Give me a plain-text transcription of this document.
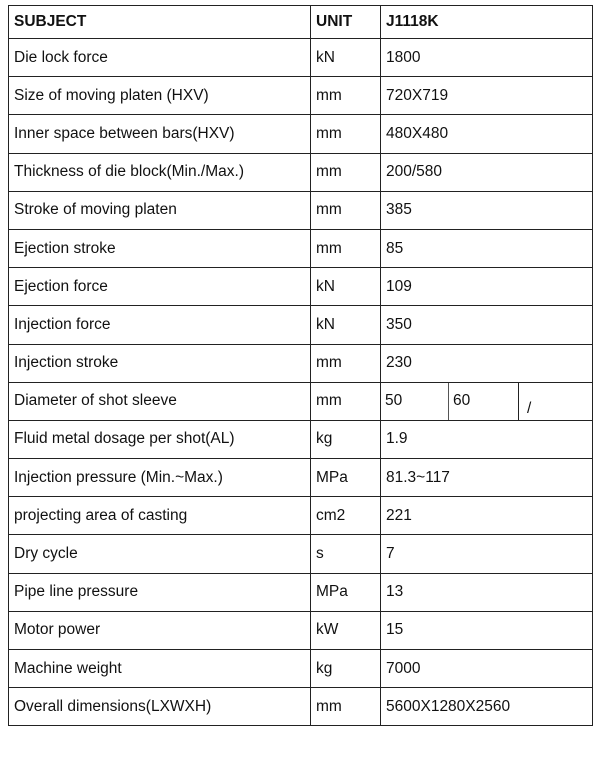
SUBJECT	UNIT	J1118K
Die lock force	kN	1800
Size of moving platen (HXV)	mm	720X719
Inner space between bars(HXV)	mm	480X480
Thickness of die block(Min./Max.)	mm	200/580
Stroke of moving platen	mm	385
Ejection stroke	mm	85
Ejection force	kN	109
Injection force	kN	350
Injection stroke	mm	230
Diameter of shot sleeve	mm	50 60 /

Fluid metal dosage per shot(AL)	kg	1.9
Injection pressure (Min.~Max.)	MPa	81.3~117
projecting area of casting	cm2	221
Dry cycle	s	7
Pipe line pressure	MPa	13
Motor power	kW	15
Machine weight	kg	7000
Overall dimensions(LXWXH)	mm	5600X1280X2560
